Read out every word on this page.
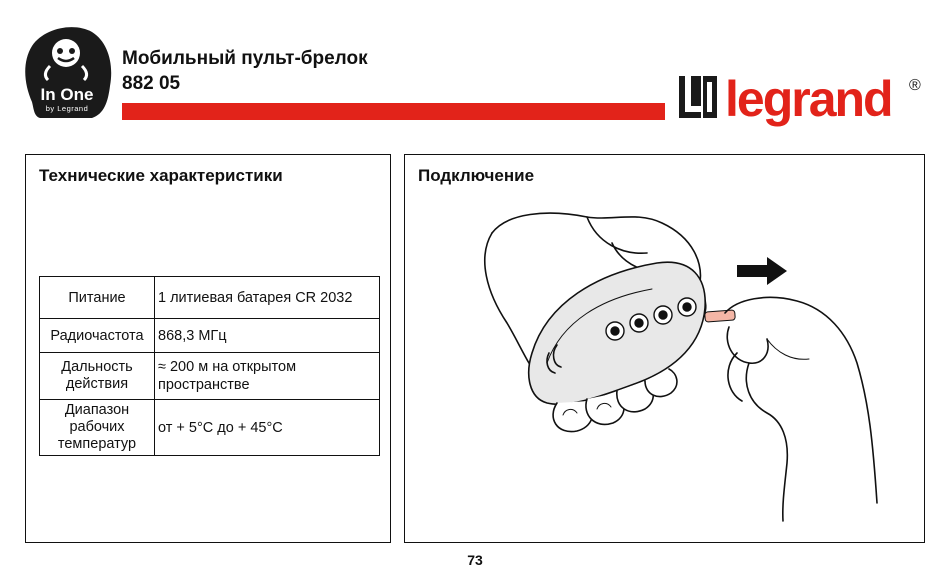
In One
by Legrand
Мобильный пульт-брелок
882 05	legrand ®
Технические характеристики
Питание	1 литиевая батарея CR 2032
Радиочастота	868,3 МГц
Дальность
действия	≈ 200 м на открытом
пространстве
Диапазон
рабочих
температур	от + 5°C до + 45°C
Подключение
73
